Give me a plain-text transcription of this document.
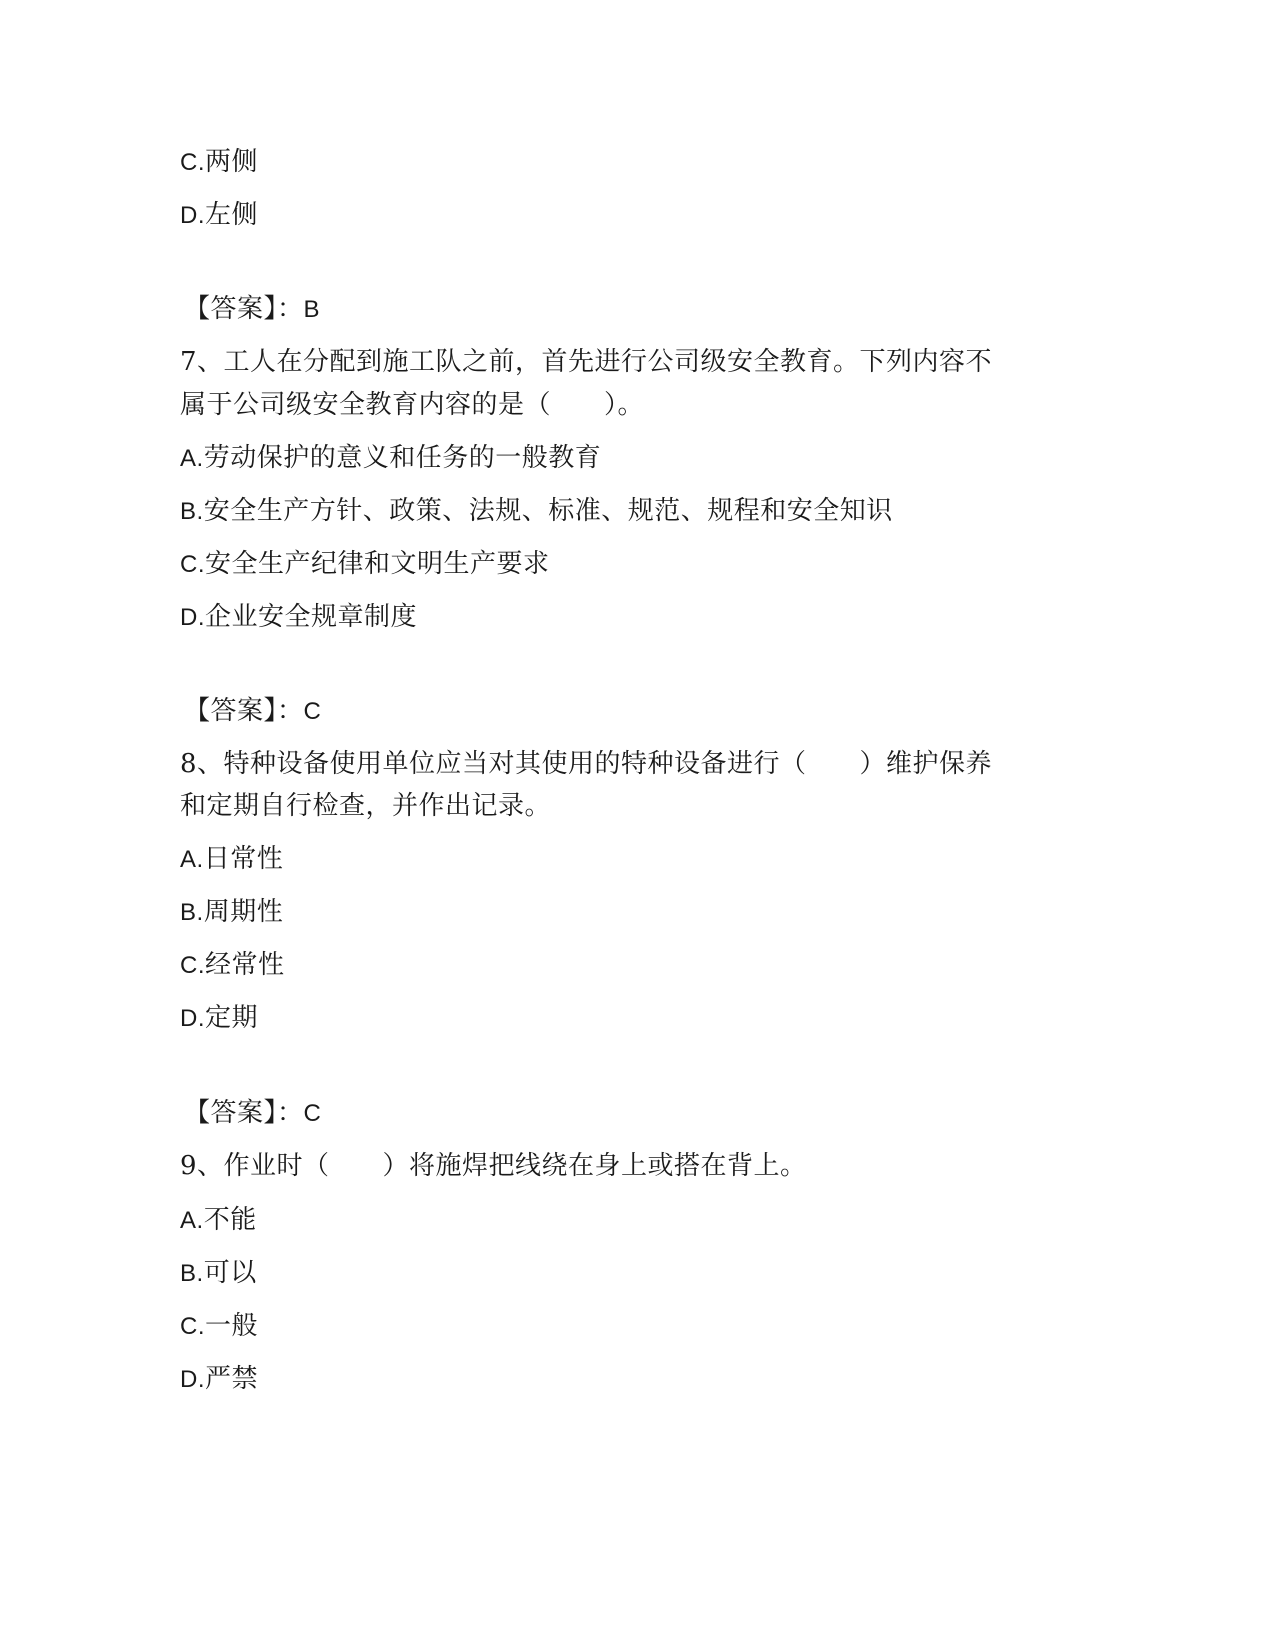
C.两侧
D.左侧
【答案】：B
7、工人在分配到施工队之前，首先进行公司级安全教育。下列内容不
属于公司级安全教育内容的是（　　）。
A.劳动保护的意义和任务的一般教育
B.安全生产方针、政策、法规、标准、规范、规程和安全知识
C.安全生产纪律和文明生产要求
D.企业安全规章制度
【答案】：C
8、特种设备使用单位应当对其使用的特种设备进行（　　）维护保养
和定期自行检查，并作出记录。
A.日常性
B.周期性
C.经常性
D.定期
【答案】：C
9、作业时（　　）将施焊把线绕在身上或搭在背上。
A.不能
B.可以
C.一般
D.严禁
